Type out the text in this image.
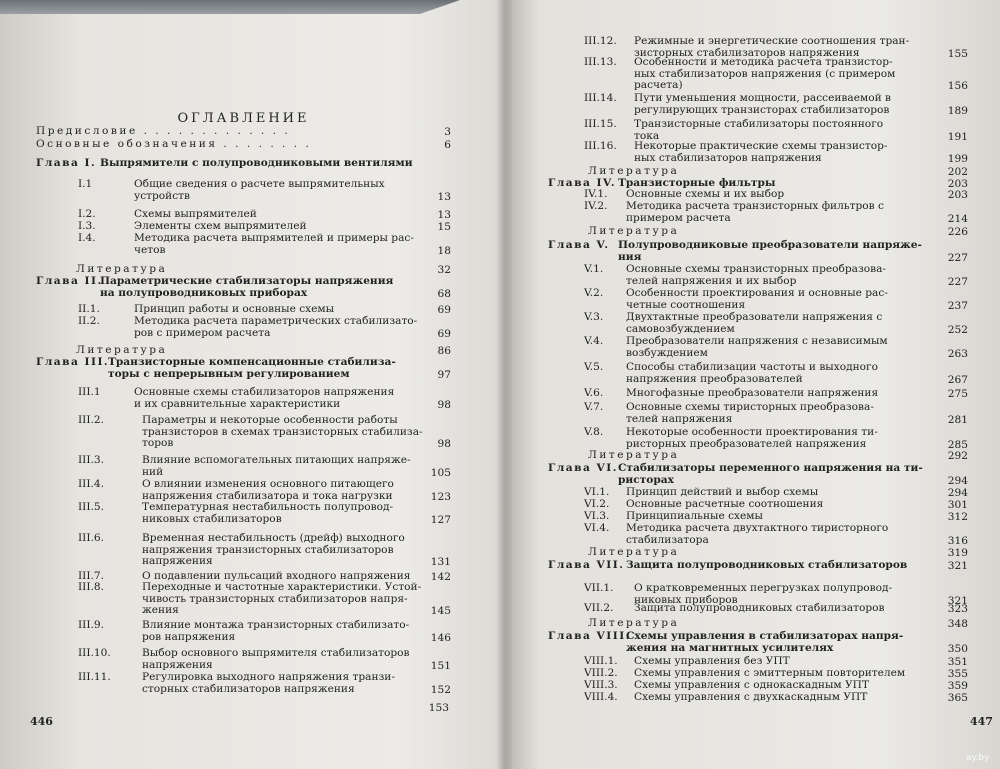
ОГЛАВЛЕНИЕ
446
153
Предисловие . . . . . . . . . . . . .	3
Основные обозначения . . . . . . . .	6
Глава I. Выпрямители с полупроводниковыми вентилями
I.1	Общие сведения о расчете выпрямительных
устройств	13
I.2.	Схемы выпрямителей	13
I.3.	Элементы схем выпрямителей	15
I.4.	Методика расчета выпрямителей и примеры рас-
четов	18
Литература	32
Глава II.
Параметрические стабилизаторы напряжения
на полупроводниковых приборах	68
II.1.	Принцип работы и основные схемы	69
II.2.	Методика расчета параметрических стабилизато-
ров с примером расчета	69
Литература	86
Глава III.
Транзисторные компенсационные стабилиза-
торы с непрерывным регулированием	97
III.1	Основные схемы стабилизаторов напряжения
и их сравнительные характеристики	98
III.2.	Параметры и некоторые особенности работы
транзисторов в схемах транзисторных стабилиза-
торов	98
III.3.	Влияние вспомогательных питающих напряже-
ний	105
III.4.	О влиянии изменения основного питающего
напряжения стабилизатора и тока нагрузки	123
III.5.	Температурная нестабильность полупровод-
никовых стабилизаторов	127
III.6.	Временная нестабильность (дрейф) выходного
напряжения транзисторных стабилизаторов
напряжения	131
III.7.	О подавлении пульсаций входного напряжения	142
III.8.	Переходные и частотные характеристики. Устой-
чивость транзисторных стабилизаторов напря-
жения	145
III.9.	Влияние монтажа транзисторных стабилизато-
ров напряжения	146
III.10.	Выбор основного выпрямителя стабилизаторов
напряжения	151
III.11.	Регулировка выходного напряжения транзи-
сторных стабилизаторов напряжения	152
447
III.12. Режимные и энергетические соотношения тран-
зисторных стабилизаторов напряжения	155
III.13. Особенности и методика расчета транзистор-
ных стабилизаторов напряжения (с примером
расчета)	156
III.14. Пути уменьшения мощности, рассеиваемой в
регулирующих транзисторах стабилизаторов	189
III.15. Транзисторные стабилизаторы постоянного
тока	191
III.16. Некоторые практические схемы транзистор-
ных стабилизаторов напряжения	199
Литература	202
Глава IV. Транзисторные фильтры	203
IV.1. Основные схемы и их выбор	203
IV.2. Методика расчета транзисторных фильтров с
примером расчета	214
Литература	226
Глава V. Полупроводниковые преобразователи напряже-
ния	227
V.1. Основные схемы транзисторных преобразова-
телей напряжения и их выбор	227
V.2. Особенности проектирования и основные рас-
четные соотношения	237
V.3. Двухтактные преобразователи напряжения с
самовозбуждением	252
V.4. Преобразователи напряжения с независимым
возбуждением	263
V.5. Способы стабилизации частоты и выходного
напряжения преобразователей	267
V.6. Многофазные преобразователи напряжения	275
V.7. Основные схемы тиристорных преобразова-
телей напряжения	281
V.8. Некоторые особенности проектирования ти-
ристорных преобразователей напряжения	285
Литература	292
Глава VI. Стабилизаторы переменного напряжения на ти-
ристорах	294
VI.1. Принцип действий и выбор схемы	294
VI.2. Основные расчетные соотношения	301
VI.3. Принципиальные схемы	312
VI.4. Методика расчета двухтактного тиристорного
стабилизатора	316
Литература	319
Глава VII. Защита полупроводниковых стабилизаторов	321
VII.1. О кратковременных перегрузках полупровод-
никовых приборов	321
VII.2. Защита полупроводниковых стабилизаторов	323
Литература	348
Глава VIII.
Схемы управления в стабилизаторах напря-
жения на магнитных усилителях	350
VIII.1. Схемы управления без УПТ	351
VIII.2. Схемы управления с эмиттерным повторителем	355
VIII.3. Схемы управления с однокаскадным УПТ	359
VIII.4. Схемы управления с двухкаскадным УПТ	365
ay.by
